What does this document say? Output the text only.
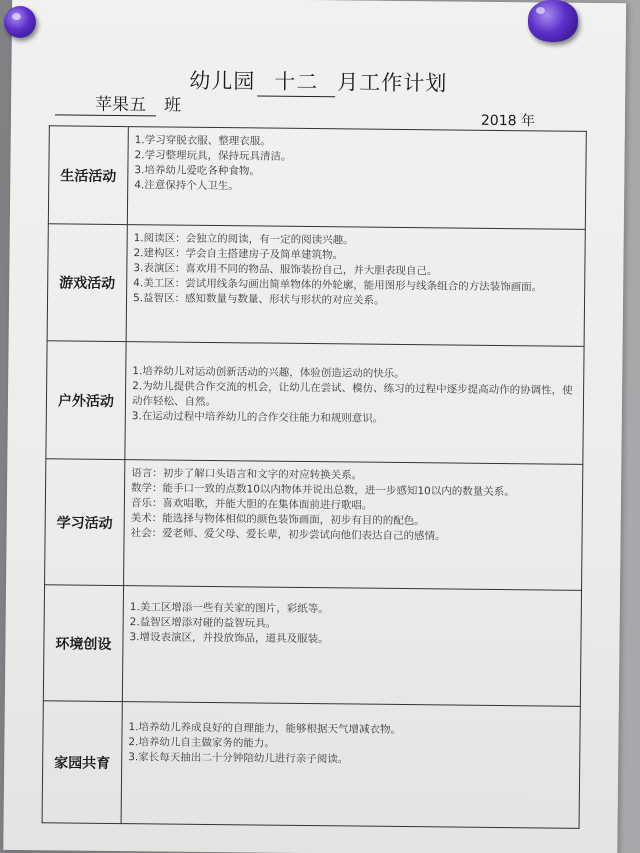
幼儿园 十二 月工作计划
苹果五 班
2018 年
生活活动	1.学习穿脱衣服、整理衣服。
2.学习整理玩具，保持玩具清洁。
3.培养幼儿爱吃各种食物。
4.注意保持个人卫生。

游戏活动	1.阅读区：会独立的阅读，有一定的阅读兴趣。
2.建构区：学会自主搭建房子及简单建筑物。
3.表演区：喜欢用不同的物品、服饰装扮自己，并大胆表现自己。
4.美工区：尝试用线条勾画出简单物体的外轮廓，能用图形与线条组合的方法装饰画面。
5.益智区：感知数量与数量、形状与形状的对应关系。

户外活动	1.培养幼儿对运动创新活动的兴趣，体验创造运动的快乐。
2.为幼儿提供合作交流的机会，让幼儿在尝试、模仿、练习的过程中逐步提高动作的协调性，使动作轻松、自然。
3.在运动过程中培养幼儿的合作交往能力和规则意识。

学习活动	语言：初步了解口头语言和文字的对应转换关系。
数学：能手口一致的点数10以内物体并说出总数，进一步感知10以内的数量关系。
音乐：喜欢唱歌，并能大胆的在集体面前进行歌唱。
美术：能选择与物体相似的颜色装饰画面，初步有目的的配色。
社会：爱老师、爱父母、爱长辈，初步尝试向他们表达自己的感情。

环境创设	1.美工区增添一些有关家的图片，彩纸等。
2.益智区增添对碰的益智玩具。
3.增设表演区，并投放饰品，道具及服装。

家园共育	1.培养幼儿养成良好的自理能力，能够根据天气增减衣物。
2.培养幼儿自主做家务的能力。
3.家长每天抽出二十分钟陪幼儿进行亲子阅读。
